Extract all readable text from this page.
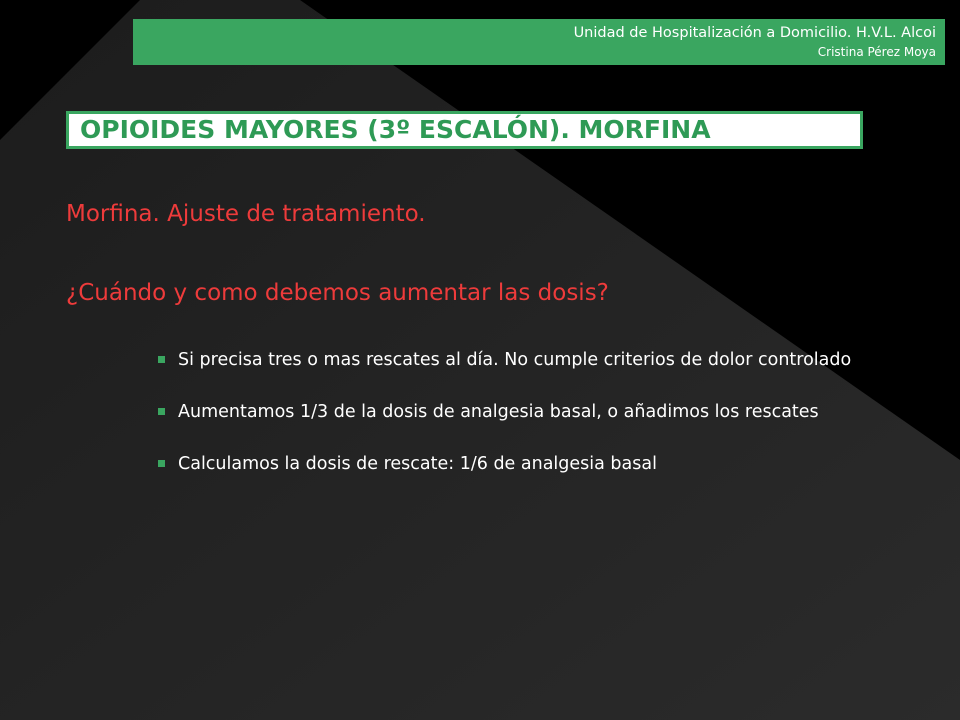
Unidad de Hospitalización a Domicilio. H.V.L. Alcoi
Cristina Pérez Moya
OPIOIDES MAYORES (3º ESCALÓN). MORFINA
Morfina. Ajuste de tratamiento.
¿Cuándo y como debemos aumentar las dosis?
Si precisa tres o mas rescates al día. No cumple criterios de dolor controlado
Aumentamos 1/3 de la dosis de analgesia basal, o añadimos los rescates
Calculamos la dosis de rescate: 1/6 de analgesia basal
